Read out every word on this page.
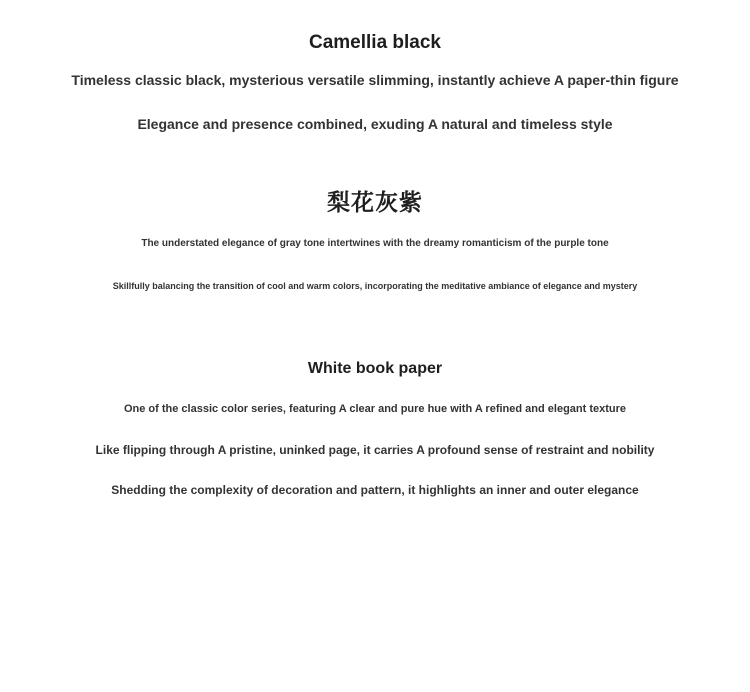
Camellia black

Timeless classic black, mysterious versatile slimming, instantly achieve A paper-thin figure

Elegance and presence combined, exuding A natural and timeless style

梨花灰紫

The understated elegance of gray tone intertwines with the dreamy romanticism of the purple tone

Skillfully balancing the transition of cool and warm colors, incorporating the meditative ambiance of elegance and mystery

White book paper

One of the classic color series, featuring A clear and pure hue with A refined and elegant texture

Like flipping through A pristine, uninked page, it carries A profound sense of restraint and nobility

Shedding the complexity of decoration and pattern, it highlights an inner and outer elegance
